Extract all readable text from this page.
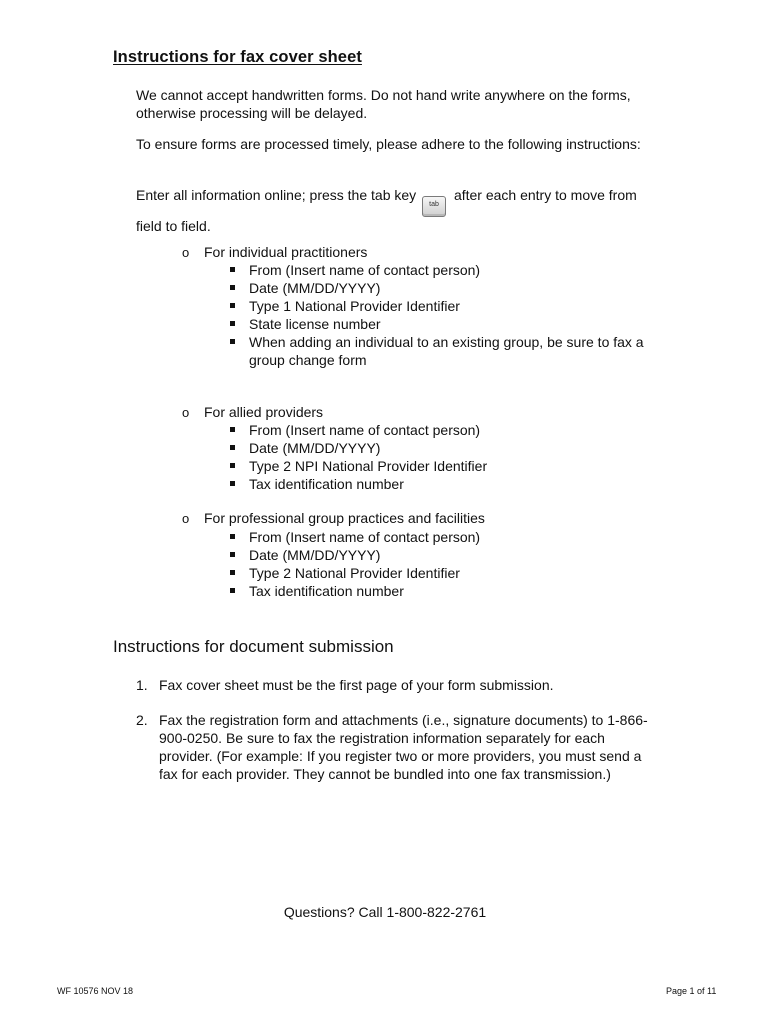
Instructions for fax cover sheet
We cannot accept handwritten forms. Do not hand write anywhere on the forms, otherwise processing will be delayed.
To ensure forms are processed timely, please adhere to the following instructions:
Enter all information online; press the tab key tab after each entry to move from field to field.
o For individual practitioners
From (Insert name of contact person)
Date (MM/DD/YYYY)
Type 1 National Provider Identifier
State license number
When adding an individual to an existing group, be sure to fax a group change form
o For allied providers
From (Insert name of contact person)
Date (MM/DD/YYYY)
Type 2 NPI National Provider Identifier
Tax identification number
o For professional group practices and facilities
From (Insert name of contact person)
Date (MM/DD/YYYY)
Type 2 National Provider Identifier
Tax identification number
Instructions for document submission
1. Fax cover sheet must be the first page of your form submission.
2. Fax the registration form and attachments (i.e., signature documents) to 1-866-900-0250. Be sure to fax the registration information separately for each provider. (For example: If you register two or more providers, you must send a fax for each provider. They cannot be bundled into one fax transmission.)
Questions? Call 1-800-822-2761
WF 10576 NOV 18	Page 1 of 11
